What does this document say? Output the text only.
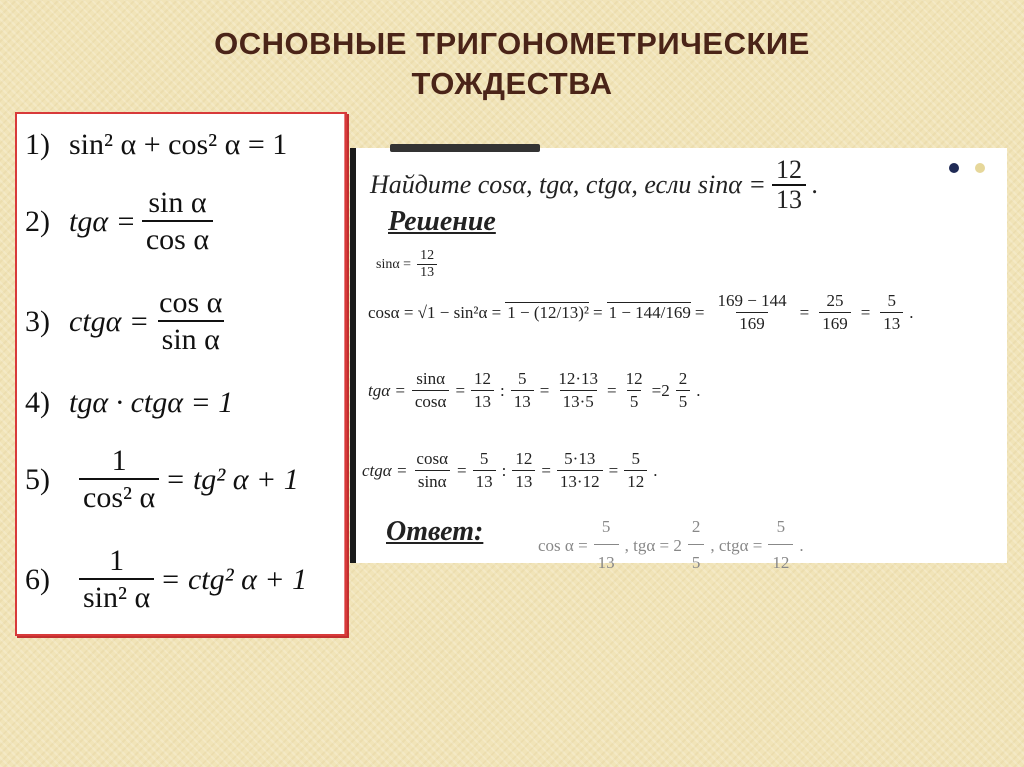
ОСНОВНЫЕ ТРИГОНОМЕТРИЧЕСКИЕ
ТОЖДЕСТВА
1) sin² α + cos² α = 1
2) $tg\alpha = \frac{\text{sin α}}{\text{cos α}}$
3) $ctg\alpha = \frac{\text{cos α}}{\text{sin α}}$
4) tgα · ctgα = 1
$5) \frac{1}{\text{cos² α}} = tg^2$ α + 1
$6) \frac{1}{\text{sin² α}} = ctg^2$ α + 1

Найдите cosα, tgα, ctgα, если $\sin\alpha = \frac{12}{13}$ .
Решение
$\sin\alpha = \frac{12}{13}$
$\cos\alpha = √1 - \sin^2\alpha = 1 - (12/13)^2 = 1 - 144/169 = \frac{169 - 144}{169} = \frac{25}{169} = \frac{5}{13}$ .
$tg\alpha = \frac{\sin\alpha}{\cos\alpha} = \frac{12}{13}$ : $\frac{5}{13} = \frac{12\cdot 13}{13\cdot 5} = \frac{12}{5} = 2 \frac{2}{5}$ .
$ctg\alpha = \frac{\cos\alpha}{\sin\alpha} = \frac{5}{13}$ : $\frac{12}{13} = \frac{5\cdot 13}{13\cdot 12} = \frac{5}{12}$ .
Ответ:	$\cos \alpha = \frac{5}{13}$ , $tg\alpha = 2 \frac{2}{5}$ , $ctg\alpha = \frac{5}{12}$ .
